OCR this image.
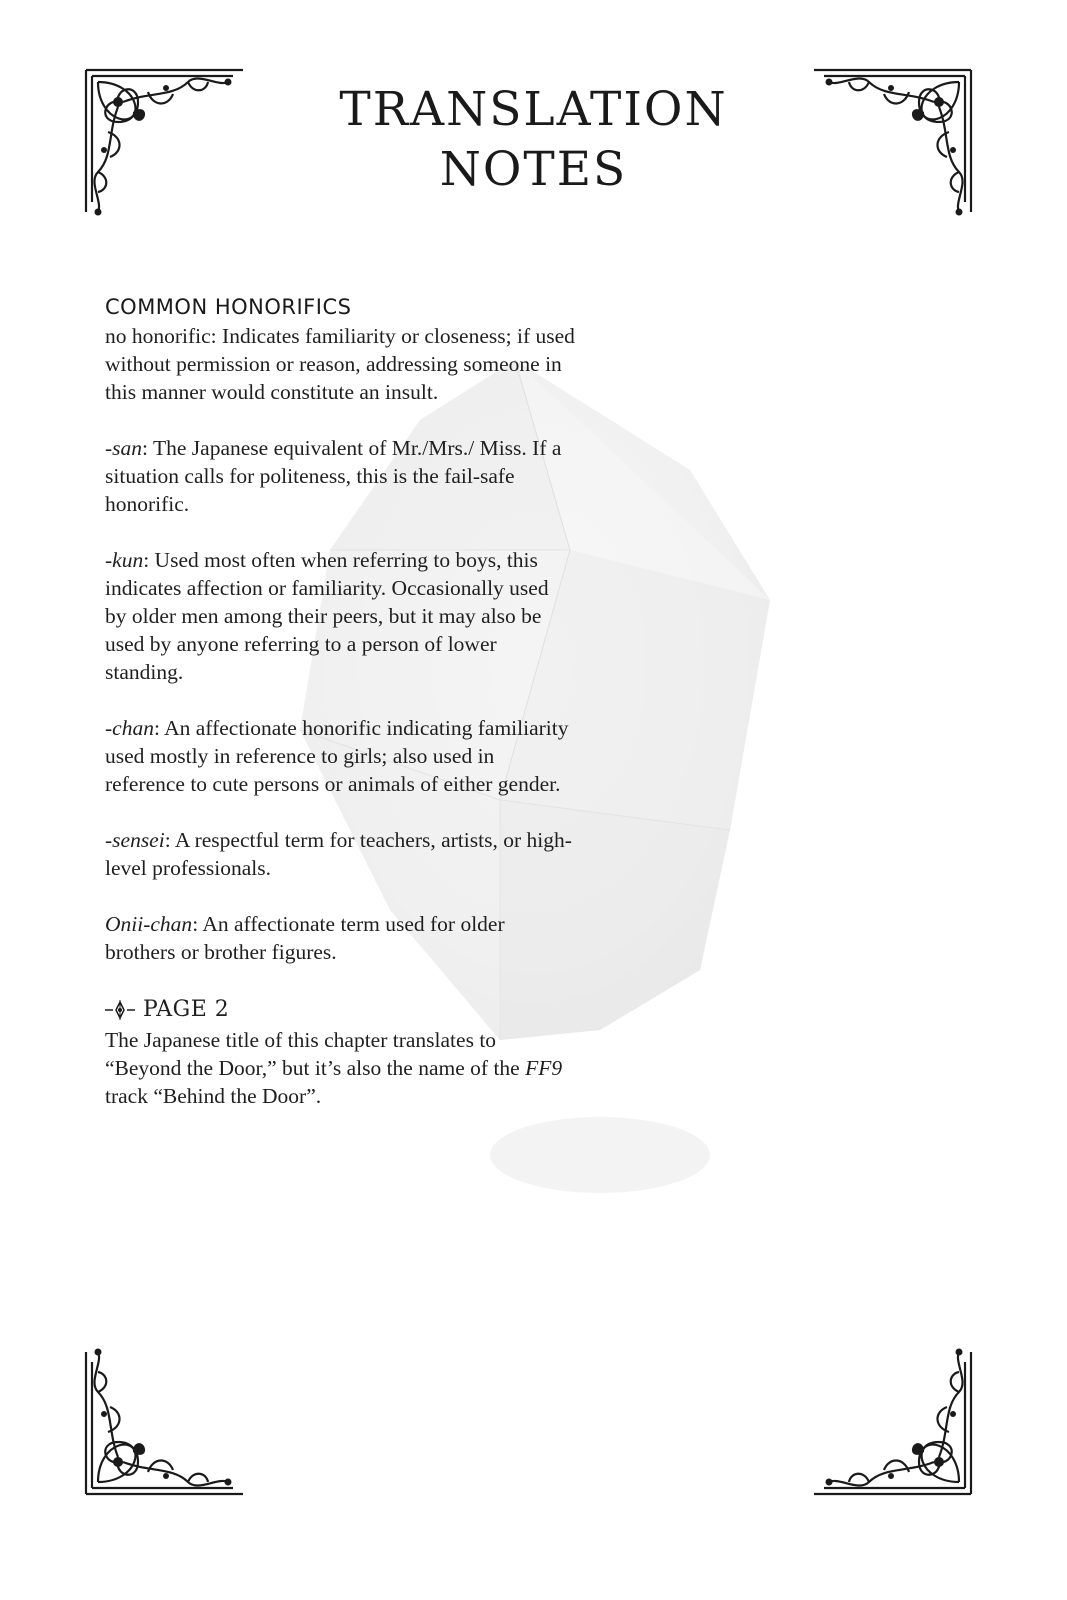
TRANSLATION
NOTES
COMMON HONORIFICS

no honorific: Indicates familiarity or closeness; if used without permission or reason, addressing someone in this manner would constitute an insult.

-san: The Japanese equivalent of Mr./Mrs./ Miss. If a situation calls for politeness, this is the fail-safe honorific.

-kun: Used most often when referring to boys, this indicates affection or familiarity. Occasionally used by older men among their peers, but it may also be used by anyone referring to a person of lower standing.

-chan: An affectionate honorific indicating familiarity used mostly in reference to girls; also used in reference to cute persons or animals of either gender.

-sensei: A respectful term for teachers, artists, or high-level professionals.

Onii-chan: An affectionate term used for older brothers or brother figures.

PAGE 2

The Japanese title of this chapter translates to “Beyond the Door,” but it’s also the name of the FF9 track “Behind the Door”.
